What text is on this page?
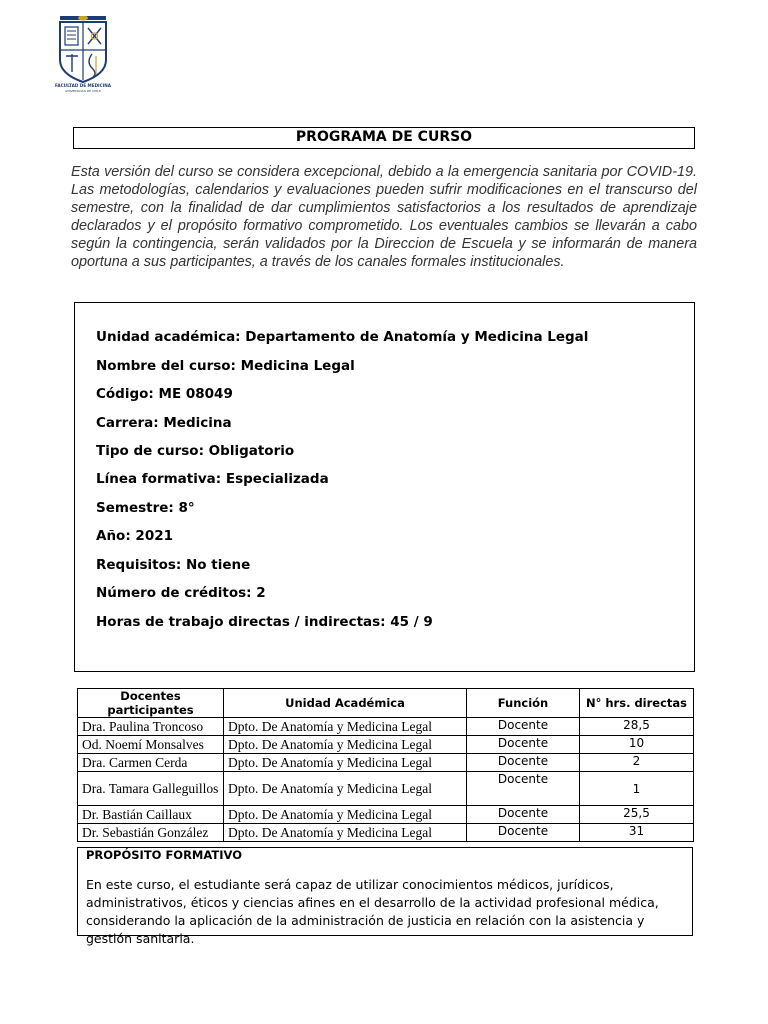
FACULTAD DE MEDICINA
UNIVERSIDAD DE CHILE
PROGRAMA DE CURSO

Esta versión del curso se considera excepcional, debido a la emergencia sanitaria por COVID-19. Las metodologías, calendarios y evaluaciones pueden sufrir modificaciones en el transcurso del semestre, con la finalidad de dar cumplimientos satisfactorios a los resultados de aprendizaje declarados y el propósito formativo comprometido. Los eventuales cambios se llevarán a cabo según la contingencia, serán validados por la Direccion de Escuela y se informarán de manera oportuna a sus participantes, a través de los canales formales institucionales.

Unidad académica: Departamento de Anatomía y Medicina Legal
Nombre del curso: Medicina Legal
Código: ME 08049
Carrera: Medicina
Tipo de curso: Obligatorio
Línea formativa: Especializada
Semestre: 8°
Año: 2021
Requisitos: No tiene
Número de créditos: 2
Horas de trabajo directas / indirectas: 45 / 9
Docentes participantes	Unidad Académica	Función	N° hrs. directas
Dra. Paulina Troncoso	Dpto. De Anatomía y Medicina Legal	Docente	28,5
Od. Noemí Monsalves	Dpto. De Anatomía y Medicina Legal	Docente	10
Dra. Carmen Cerda	Dpto. De Anatomía y Medicina Legal	Docente	2
Dra. Tamara Galleguillos	Dpto. De Anatomía y Medicina Legal	Docente	1
Dr. Bastián Caillaux	Dpto. De Anatomía y Medicina Legal	Docente	25,5
Dr. Sebastián González	Dpto. De Anatomía y Medicina Legal	Docente	31
PROPÓSITO FORMATIVO
En este curso, el estudiante será capaz de utilizar conocimientos médicos, jurídicos, administrativos, éticos y ciencias afines en el desarrollo de la actividad profesional médica, considerando la aplicación de la administración de justicia en relación con la asistencia y gestión sanitaria.
